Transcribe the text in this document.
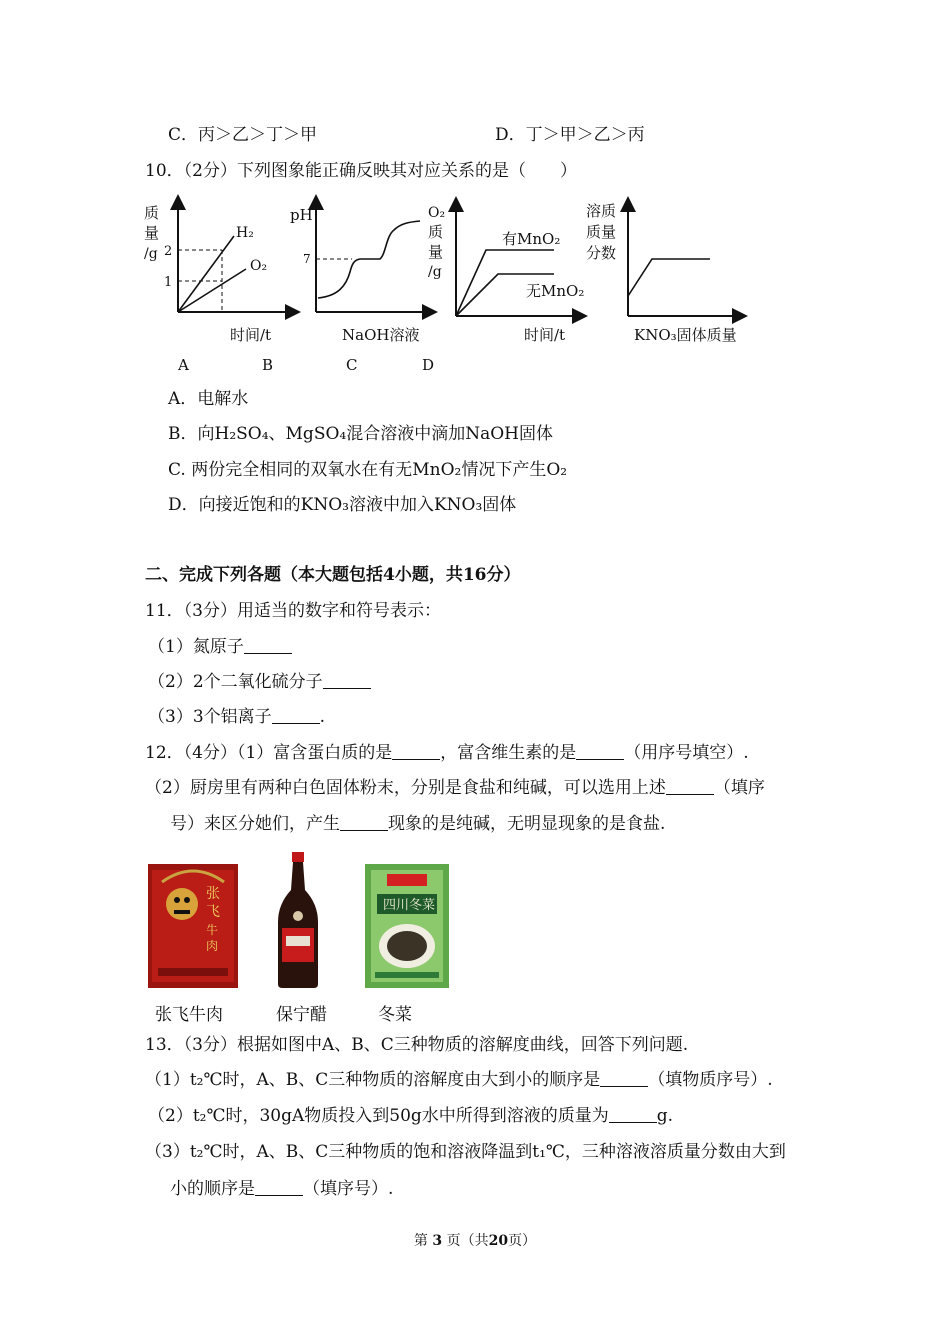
C．丙＞乙＞丁＞甲	D．丁＞甲＞乙＞丙
10．（2分）下列图象能正确反映其对应关系的是（　　）
质
量
/g 2
1
H₂
O₂
时间/t
A
pH
7
NaOH溶液
B
O₂
质
量
/g
有MnO₂
无MnO₂
时间/t
C
溶质
质量
分数
KNO₃固体质量
D
A．电解水
B．向H₂SO₄、MgSO₄混合溶液中滴加NaOH固体
C. 两份完全相同的双氧水在有无MnO₂情况下产生O₂
D．向接近饱和的KNO₃溶液中加入KNO₃固体
二、完成下列各题（本大题包括4小题，共16分）
11．（3分）用适当的数字和符号表示：
（1）氮原子
（2）2个二氧化硫分子
（3）3个铝离子	.
12．（4分）（1）富含蛋白质的是	，富含维生素的是	（用序号填空）.
（2）厨房里有两种白色固体粉末，分别是食盐和纯碱，可以选用上述	（填序
号）来区分她们，产生	现象的是纯碱，无明显现象的是食盐.
张
飞
牛
肉
四川冬菜
张飞牛肉	保宁醋	冬菜
13．（3分）根据如图中A、B、C三种物质的溶解度曲线，回答下列问题.
（1）t₂℃时，A、B、C三种物质的溶解度由大到小的顺序是	（填物质序号）.
（2）t₂℃时，30gA物质投入到50g水中所得到溶液的质量为	g.
（3）t₂℃时，A、B、C三种物质的饱和溶液降温到t₁℃，三种溶液溶质量分数由大到
小的顺序是	（填序号）.
第 3 页（共20页）
